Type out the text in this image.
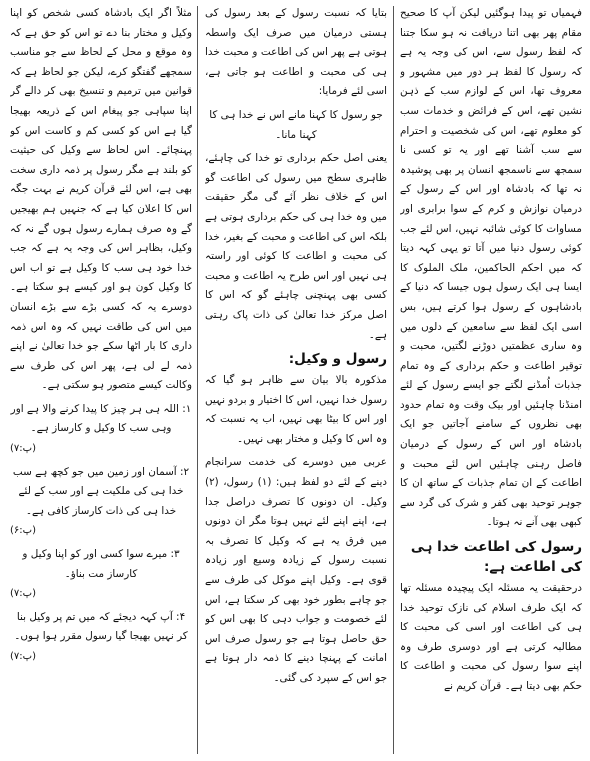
فہمیاں تو پیدا ہوگئیں لیکن آپ کا صحیح مقام پھر بھی اتنا دریافت نہ ہو سکا جتنا کہ لفظ رسول سے، اس کی وجہ یہ ہے کہ رسول کا لفظ ہر دور میں مشہور و معروف تھا، اس کے لوازم سب کے ذہن نشین تھے، اس کے فرائض و خدمات سب کو معلوم تھے، اس کی شخصیت و احترام سے سب آشنا تھے اور یہ تو کسی نا سمجھ سے ناسمجھ انسان پر بھی پوشیدہ نہ تھا کہ بادشاہ اور اس کے رسول کے درمیان نوازش و کرم کے سوا برابری اور مساوات کا کوئی شائبہ نہیں، اس لئے جب کوئی رسول دنیا میں آتا تو یہی کہہ دیتا کہ میں احکم الحاکمین، ملک الملوک کا ایسا ہی ایک رسول ہوں جیسا کہ دنیا کے بادشاہوں کے رسول ہوا کرتے ہیں، بس اسی ایک لفظ سے سامعین کے دلوں میں وہ ساری عظمتیں دوڑنے لگتیں، محبت و توقیر اطاعت و حکم برداری کے وہ تمام جذبات اُمڈنے لگتے جو ایسے رسول کے لئے امنڈنا چاہئیں اور بیک وقت وہ تمام حدود بھی نظروں کے سامنے آجاتیں جو ایک بادشاہ اور اس کے رسول کے درمیان فاصل رہنی چاہئیں اس لئے محبت و اطاعت کے ان تمام جذبات کے ساتھ ان کا جوہر توحید بھی کفر و شرک کی گرد سے کبھی بھی آنے نہ ہوتا۔

رسول کی اطاعت خدا ہی کی اطاعت ہے:

درحقیقت یہ مسئلہ ایک پیچیدہ مسئلہ تھا کہ ایک طرف اسلام کی نازک توحید خدا ہی کی اطاعت اور اسی کی محبت کا مطالبہ کرتی ہے اور دوسری طرف وہ اپنے سوا رسول کی محبت و اطاعت کا حکم بھی دیتا ہے۔ قرآن کریم نے

بتایا کہ نسبت رسول کے بعد رسول کی ہستی درمیان میں صرف ایک واسطہ ہوتی ہے پھر اس کی اطاعت و محبت خدا ہی کی محبت و اطاعت ہو جاتی ہے، اسی لئے فرمایا:

جو رسول کا کہنا مانے اس نے خدا ہی کا کہنا مانا۔

یعنی اصل حکم برداری تو خدا کی چاہئے، ظاہری سطح میں رسول کی اطاعت گو اس کے خلاف نظر آئے گی مگر حقیقت میں وہ خدا ہی کی حکم برداری ہوتی ہے بلکہ اس کی اطاعت و محبت کے بغیر، خدا کی محبت و اطاعت کا کوئی اور راستہ ہی نہیں اور اس طرح یہ اطاعت و محبت کسی بھی پہنچنی چاہئے گو کہ اس کا اصل مرکز خدا تعالیٰ کی ذات پاک رہتی ہے۔

رسول و وکیل:

مذکورہ بالا بیان سے ظاہر ہو گیا کہ رسول خدا نہیں، اس کا اختیار و بردو نہیں اور اس کا بیٹا بھی نہیں، اب یہ نسبت کہ وہ اس کا وکیل و مختار بھی نہیں۔

عربی میں دوسرے کی خدمت سرانجام دینے کے لئے دو لفظ ہیں: (۱) رسول، (۲) وکیل۔ ان دونوں کا تصرف دراصل جدا ہے، اپنے اپنے لئے نہیں ہوتا مگر ان دونوں میں فرق یہ ہے کہ وکیل کا تصرف بہ نسبت رسول کے زیادہ وسیع اور زیادہ قوی ہے۔ وکیل اپنے موکل کی طرف سے جو چاہے بطور خود بھی کر سکتا ہے، اس لئے خصومت و جواب دہی کا بھی اس کو حق حاصل ہوتا ہے جو رسول صرف اس امانت کے پہنچا دینے کا ذمہ دار ہوتا ہے جو اس کے سپرد کی گئی۔

مثلاً اگر ایک بادشاہ کسی شخص کو اپنا وکیل و مختار بنا دے تو اس کو حق ہے کہ وہ موقع و محل کے لحاظ سے جو مناسب سمجھے گفتگو کرے، لیکن جو لحاظ ہے کہ قوانین میں ترمیم و تنسیخ بھی کر دالے گر اپنا سپاہی جو پیغام اس کے ذریعہ بھیجا گیا ہے اس کو کسی کم و کاست اس کو پہنچائے۔ اس لحاظ سے وکیل کی حیثیت کو بلند ہے مگر رسول پر ذمہ داری سخت بھی ہے، اس لئے قرآن کریم نے بہت جگہ اس کا اعلان کیا ہے کہ جنہیں ہم بھیجیں گے وہ صرف ہمارے رسول ہوں گے نہ کہ وکیل، بظاہر اس کی وجہ یہ ہے کہ جب خدا خود ہی سب کا وکیل ہے تو اب اس کا وکیل کون ہو اور کیسے ہو سکتا ہے۔ دوسرے یہ کہ کسی بڑے سے بڑے انسان میں اس کی طاقت نہیں کہ وہ اس ذمہ داری کا بار اٹھا سکے جو خدا تعالیٰ نے اپنے ذمہ لے لی ہے، پھر اس کی طرف سے وکالت کیسے متصور ہو سکتی ہے۔

۱: اللہ ہی ہر چیز کا پیدا کرنے والا ہے اور وہی سب کا وکیل و کارساز ہے۔
(پ:۷)

۲: آسمان اور زمین میں جو کچھ ہے سب خدا ہی کی ملکیت ہے اور سب کے لئے خدا ہی کی ذات کارساز کافی ہے۔
(پ:۶)

۳: میرے سوا کسی اور کو اپنا وکیل و کارساز مت بناؤ۔
(پ:۷)

۴: آپ کہہ دیجئے کہ میں تم پر وکیل بنا کر نہیں بھیجا گیا رسول مقرر ہوا ہوں۔
(پ:۷)
